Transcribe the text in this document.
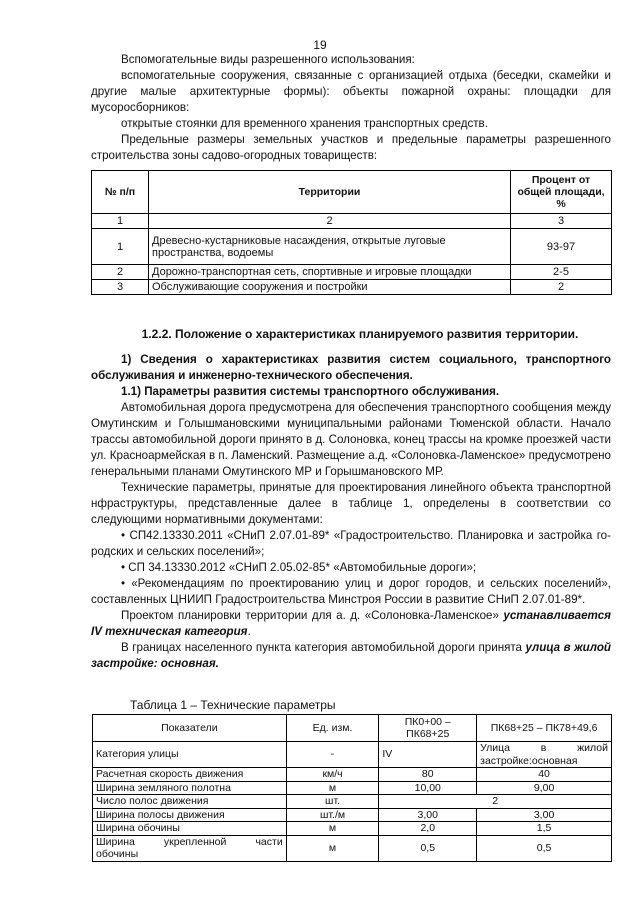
19

Вспомогательные виды разрешенного использования:

вспомогательные сооружения, связанные с организацией отдыха (беседки, скамейки и другие малые архитектурные формы): объекты пожарной охраны: площадки для мусоросборников:

открытые стоянки для временного хранения транспортных средств.

Предельные размеры земельных участков и предельные параметры разрешенного строительства зоны садово-огородных товариществ:

№ п/п	Территории	Процент от общей площади, %
1	2	3
1	Древесно-кустарниковые насаждения, открытые луговые пространства, водоемы	93-97
2	Дорожно-транспортная сеть, спортивные и игровые площадки	2-5
3	Обслуживающие сооружения и постройки	2
1.2.2. Положение о характеристиках планируемого развития территории.

1) Сведения о характеристиках развития систем социального, транспортного обслуживания и инженерно-технического обеспечения.

1.1) Параметры развития системы транспортного обслуживания.

Автомобильная дорога предусмотрена для обеспечения транспортного сообщения между Омутинским и Голышмановскими муниципальными районами Тюменской области. Начало трассы автомобильной дороги принято в д. Солоновка, конец трассы на кромке проезжей части ул. Красноармейская в п. Ламенский. Размещение а.д. «Солоновка-Ламенское» предусмотрено генеральными планами Омутинского МР и Горышмановского МР.

Технические параметры, принятые для проектирования линейного объекта транспортной нфраструктуры, представленные далее в таблице 1, определены в соответствии со следующими нормативными документами:

• СП42.13330.2011 «СНиП 2.07.01-89* «Градостроительство. Планировка и застройка го-родских и сельских поселений»;

• СП 34.13330.2012 «СНиП 2.05.02-85* «Автомобильные дороги»;

• «Рекомендациям по проектированию улиц и дорог городов, и сельских поселений», составленных ЦНИИП Градостроительства Минстроя России в развитие СНиП 2.07.01-89*.

Проектом планировки территории для а. д. «Солоновка-Ламенское» устанавливается IV техническая категория.

В границах населенного пункта категория автомобильной дороги принята улица в жилой застройке: основная.

Таблица 1 – Технические параметры
Показатели	Ед. изм.	ПК0+00 – ПК68+25	ПК68+25 – ПК78+49,6
Категория улицы	-	IV	Улица в жилой
застройке:основная

Расчетная скорость движения	км/ч	80	40
Ширина земляного полотна	м	10,00	9,00
Число полос движения	шт.	2	
Ширина полосы движения	шт./м	3,00	3,00
Ширина обочины	м	2,0	1,5

Ширина укрепленной части
обочины	м	0,5	0,5
